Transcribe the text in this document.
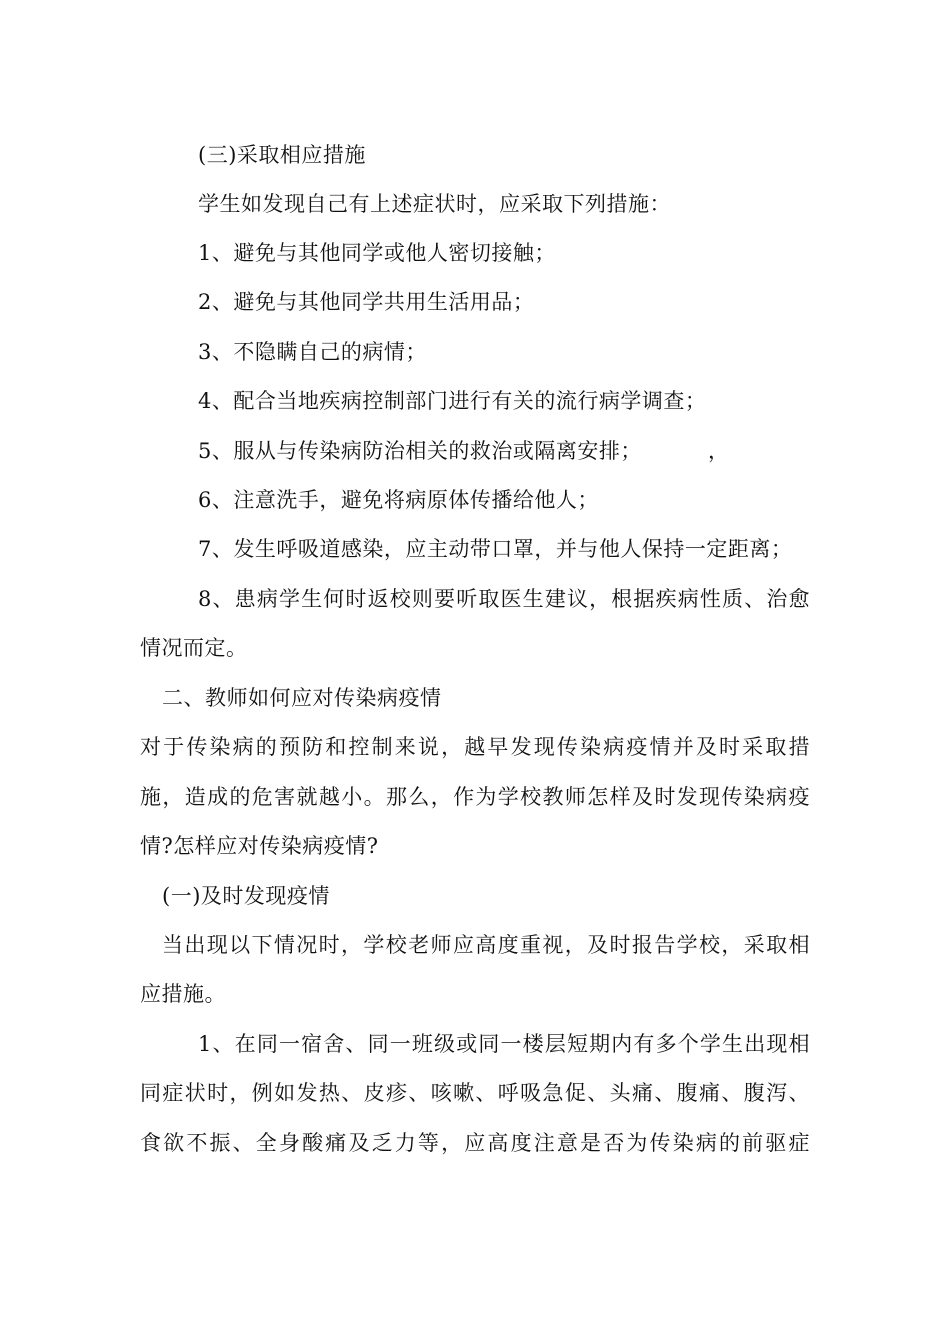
(三)采取相应措施
学生如发现自己有上述症状时，应采取下列措施：
1、避免与其他同学或他人密切接触；
2、避免与其他同学共用生活用品；
3、不隐瞒自己的病情；
4、配合当地疾病控制部门进行有关的流行病学调查；
5、服从与传染病防治相关的救治或隔离安排；	，
6、注意洗手，避免将病原体传播给他人；
7、发生呼吸道感染，应主动带口罩，并与他人保持一定距离；
8、患病学生何时返校则要听取医生建议，根据疾病性质、治愈
情况而定。
二、教师如何应对传染病疫情
对于传染病的预防和控制来说，越早发现传染病疫情并及时采取措
施，造成的危害就越小。那么，作为学校教师怎样及时发现传染病疫
情?怎样应对传染病疫情?
(一)及时发现疫情
当出现以下情况时，学校老师应高度重视，及时报告学校，采取相
应措施。
1、在同一宿舍、同一班级或同一楼层短期内有多个学生出现相
同症状时，例如发热、皮疹、咳嗽、呼吸急促、头痛、腹痛、腹泻、
食欲不振、全身酸痛及乏力等，应高度注意是否为传染病的前驱症
